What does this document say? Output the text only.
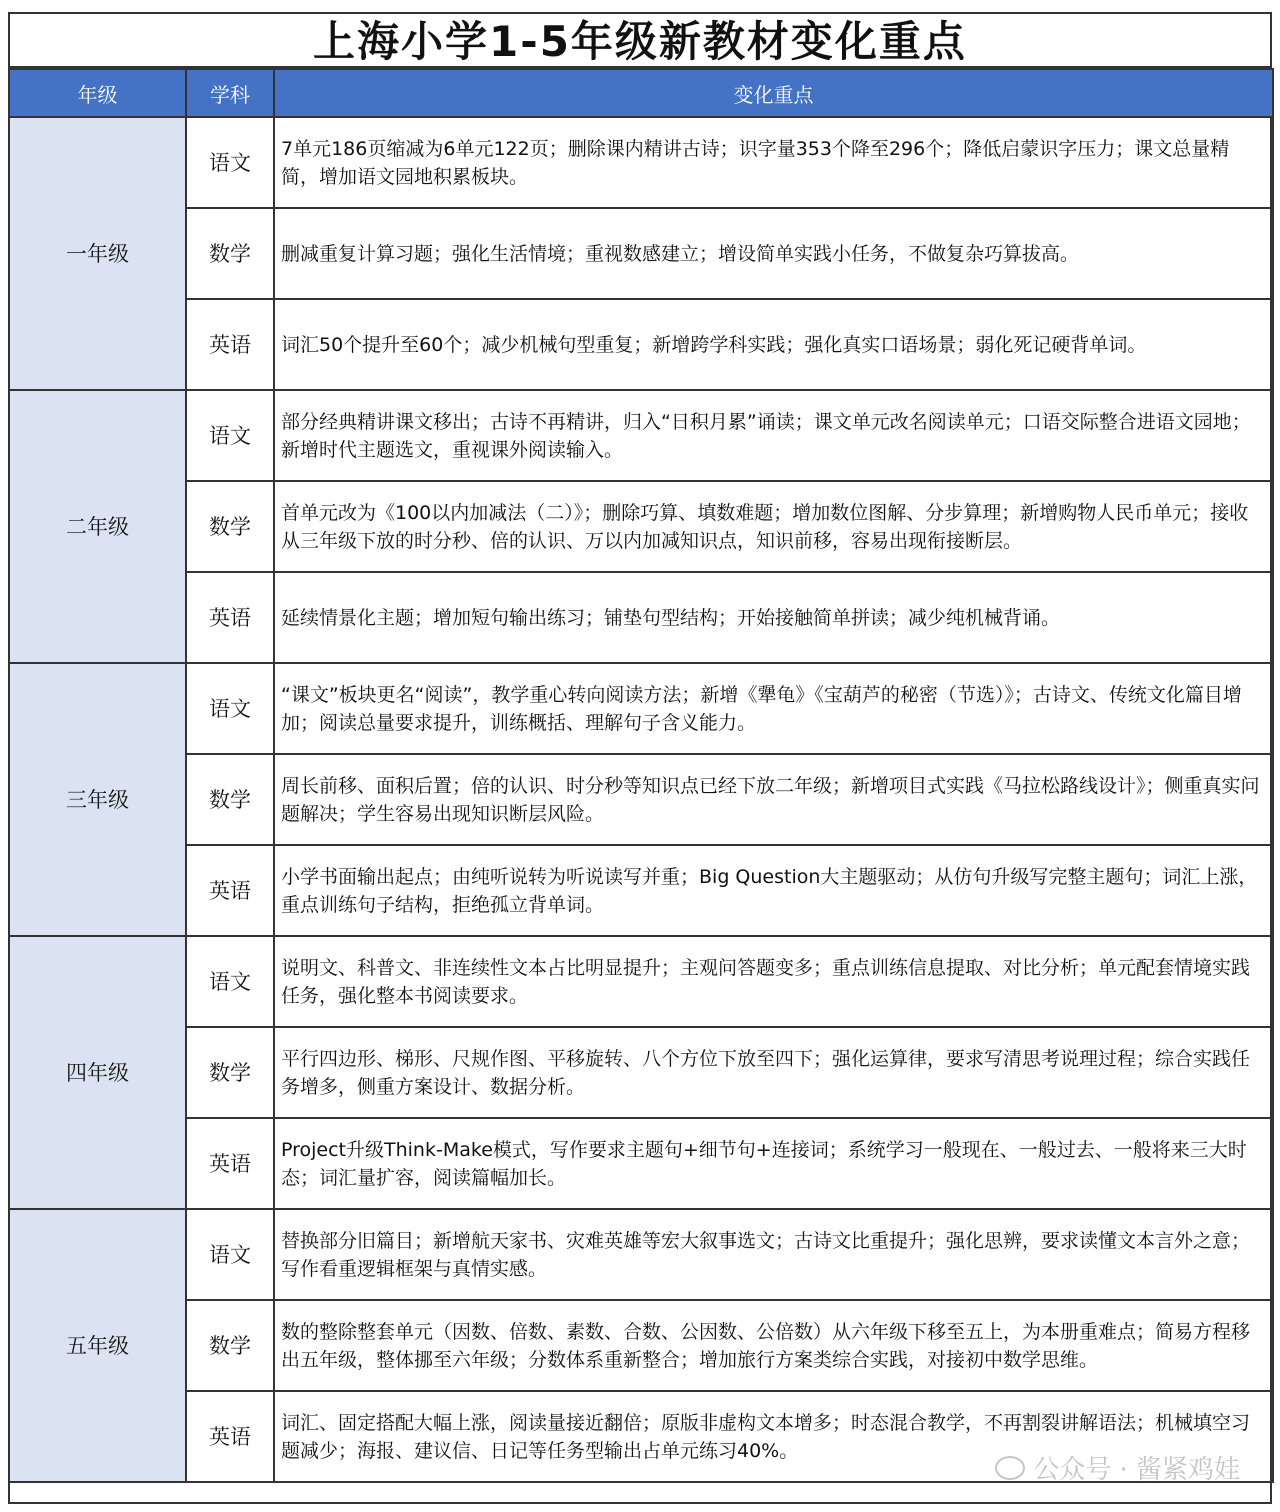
上海小学1-5年级新教材变化重点
年级	学科	变化重点
一年级	语文	7单元186页缩减为6单元122页；删除课内精讲古诗；识字量353个降至296个；降低启蒙识字压力；课文总量精简，增加语文园地积累板块。
	数学	删减重复计算习题；强化生活情境；重视数感建立；增设简单实践小任务，不做复杂巧算拔高。
	英语	词汇50个提升至60个；减少机械句型重复；新增跨学科实践；强化真实口语场景；弱化死记硬背单词。
二年级	语文	部分经典精讲课文移出；古诗不再精讲，归入“日积月累”诵读；课文单元改名阅读单元；口语交际整合进语文园地；新增时代主题选文，重视课外阅读输入。
	数学	首单元改为《100以内加减法（二）》；删除巧算、填数难题；增加数位图解、分步算理；新增购物人民币单元；接收从三年级下放的时分秒、倍的认识、万以内加减知识点，知识前移，容易出现衔接断层。
	英语	延续情景化主题；增加短句输出练习；铺垫句型结构；开始接触简单拼读；减少纯机械背诵。
三年级	语文	“课文”板块更名“阅读”，教学重心转向阅读方法；新增《犟龟》《宝葫芦的秘密（节选）》；古诗文、传统文化篇目增加；阅读总量要求提升，训练概括、理解句子含义能力。
	数学	周长前移、面积后置；倍的认识、时分秒等知识点已经下放二年级；新增项目式实践《马拉松路线设计》；侧重真实问题解决；学生容易出现知识断层风险。
	英语	小学书面输出起点；由纯听说转为听说读写并重；Big Question大主题驱动；从仿句升级写完整主题句；词汇上涨，重点训练句子结构，拒绝孤立背单词。
四年级	语文	说明文、科普文、非连续性文本占比明显提升；主观问答题变多；重点训练信息提取、对比分析；单元配套情境实践任务，强化整本书阅读要求。
	数学	平行四边形、梯形、尺规作图、平移旋转、八个方位下放至四下；强化运算律，要求写清思考说理过程；综合实践任务增多，侧重方案设计、数据分析。
	英语	Project升级Think-Make模式，写作要求主题句+细节句+连接词；系统学习一般现在、一般过去、一般将来三大时态；词汇量扩容，阅读篇幅加长。
五年级	语文	替换部分旧篇目；新增航天家书、灾难英雄等宏大叙事选文；古诗文比重提升；强化思辨，要求读懂文本言外之意；写作看重逻辑框架与真情实感。
	数学	数的整除整套单元（因数、倍数、素数、合数、公因数、公倍数）从六年级下移至五上，为本册重难点；简易方程移出五年级，整体挪至六年级；分数体系重新整合；增加旅行方案类综合实践，对接初中数学思维。
	英语	词汇、固定搭配大幅上涨，阅读量接近翻倍；原版非虚构文本增多；时态混合教学，不再割裂讲解语法；机械填空习题减少；海报、建议信、日记等任务型输出占单元练习40%。
公众号 · 酱紧鸡娃
